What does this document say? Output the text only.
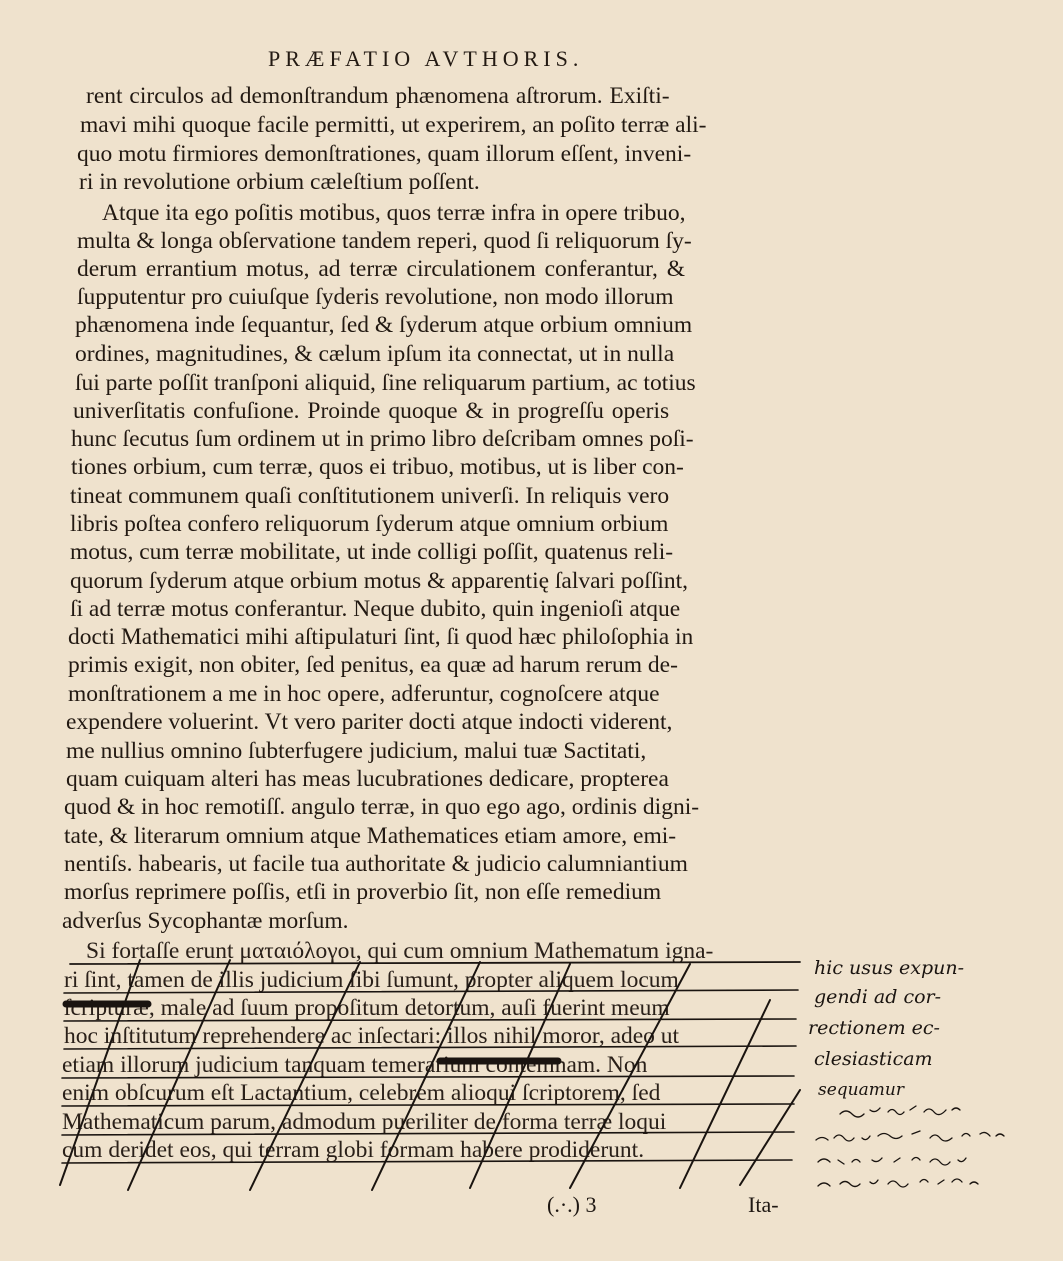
PRÆFATIO AVTHORIS.
rent circulos ad demonſtrandum phænomena aſtrorum. Exiſti-
mavi mihi quoque facile permitti, ut experirem, an poſito terræ ali-
quo motu firmiores demonſtrationes, quam illorum eſſent, inveni-
ri in revolutione orbium cæleſtium poſſent.
Atque ita ego poſitis motibus, quos terræ infra in opere tribuo,
multa & longa obſervatione tandem reperi, quod ſi reliquorum ſy-
derum errantium motus, ad terræ circulationem conferantur, &
ſupputentur pro cuiuſque ſyderis revolutione, non modo illorum
phænomena inde ſequantur, ſed & ſyderum atque orbium omnium
ordines, magnitudines, & cælum ipſum ita connectat, ut in nulla
ſui parte poſſit tranſponi aliquid, ſine reliquarum partium, ac totius
univerſitatis confuſione. Proinde quoque & in progreſſu operis
hunc ſecutus ſum ordinem ut in primo libro deſcribam omnes poſi-
tiones orbium, cum terræ, quos ei tribuo, motibus, ut is liber con-
tineat communem quaſi conſtitutionem univerſi. In reliquis vero
libris poſtea confero reliquorum ſyderum atque omnium orbium
motus, cum terræ mobilitate, ut inde colligi poſſit, quatenus reli-
quorum ſyderum atque orbium motus & apparentię ſalvari poſſint,
ſi ad terræ motus conferantur. Neque dubito, quin ingenioſi atque
docti Mathematici mihi aſtipulaturi ſint, ſi quod hæc philoſophia in
primis exigit, non obiter, ſed penitus, ea quæ ad harum rerum de-
monſtrationem a me in hoc opere, adferuntur, cognoſcere atque
expendere voluerint. Vt vero pariter docti atque indocti viderent,
me nullius omnino ſubterfugere judicium, malui tuæ Sactitati,
quam cuiquam alteri has meas lucubrationes dedicare, propterea
quod & in hoc remotiſſ. angulo terræ, in quo ego ago, ordinis digni-
tate, & literarum omnium atque Mathematices etiam amore, emi-
nentiſs. habearis, ut facile tua authoritate & judicio calumniantium
morſus reprimere poſſis, etſi in proverbio ſit, non eſſe remedium
adverſus Sycophantæ morſum.
Si fortaſſe erunt ματαιόλογοι, qui cum omnium Mathematum igna-
ri ſint, tamen de illis judicium ſibi ſumunt, propter aliquem locum
ſcripturæ, male ad ſuum propoſitum detortum, auſi fuerint meum
hoc inſtitutum reprehendere ac inſectari: illos nihil moror, adeo ut
etiam illorum judicium tanquam temerarium contemnam. Non
enim obſcurum eſt Lactantium, celebrem alioqui ſcriptorem, ſed
Mathematicum parum, admodum pueriliter de forma terræ loqui
cum deridet eos, qui terram globi formam habere prodiderunt.
hic usus expun-
gendi ad cor-
rectionem ec-
clesiasticam
sequamur
(.·.) 3	Ita-
